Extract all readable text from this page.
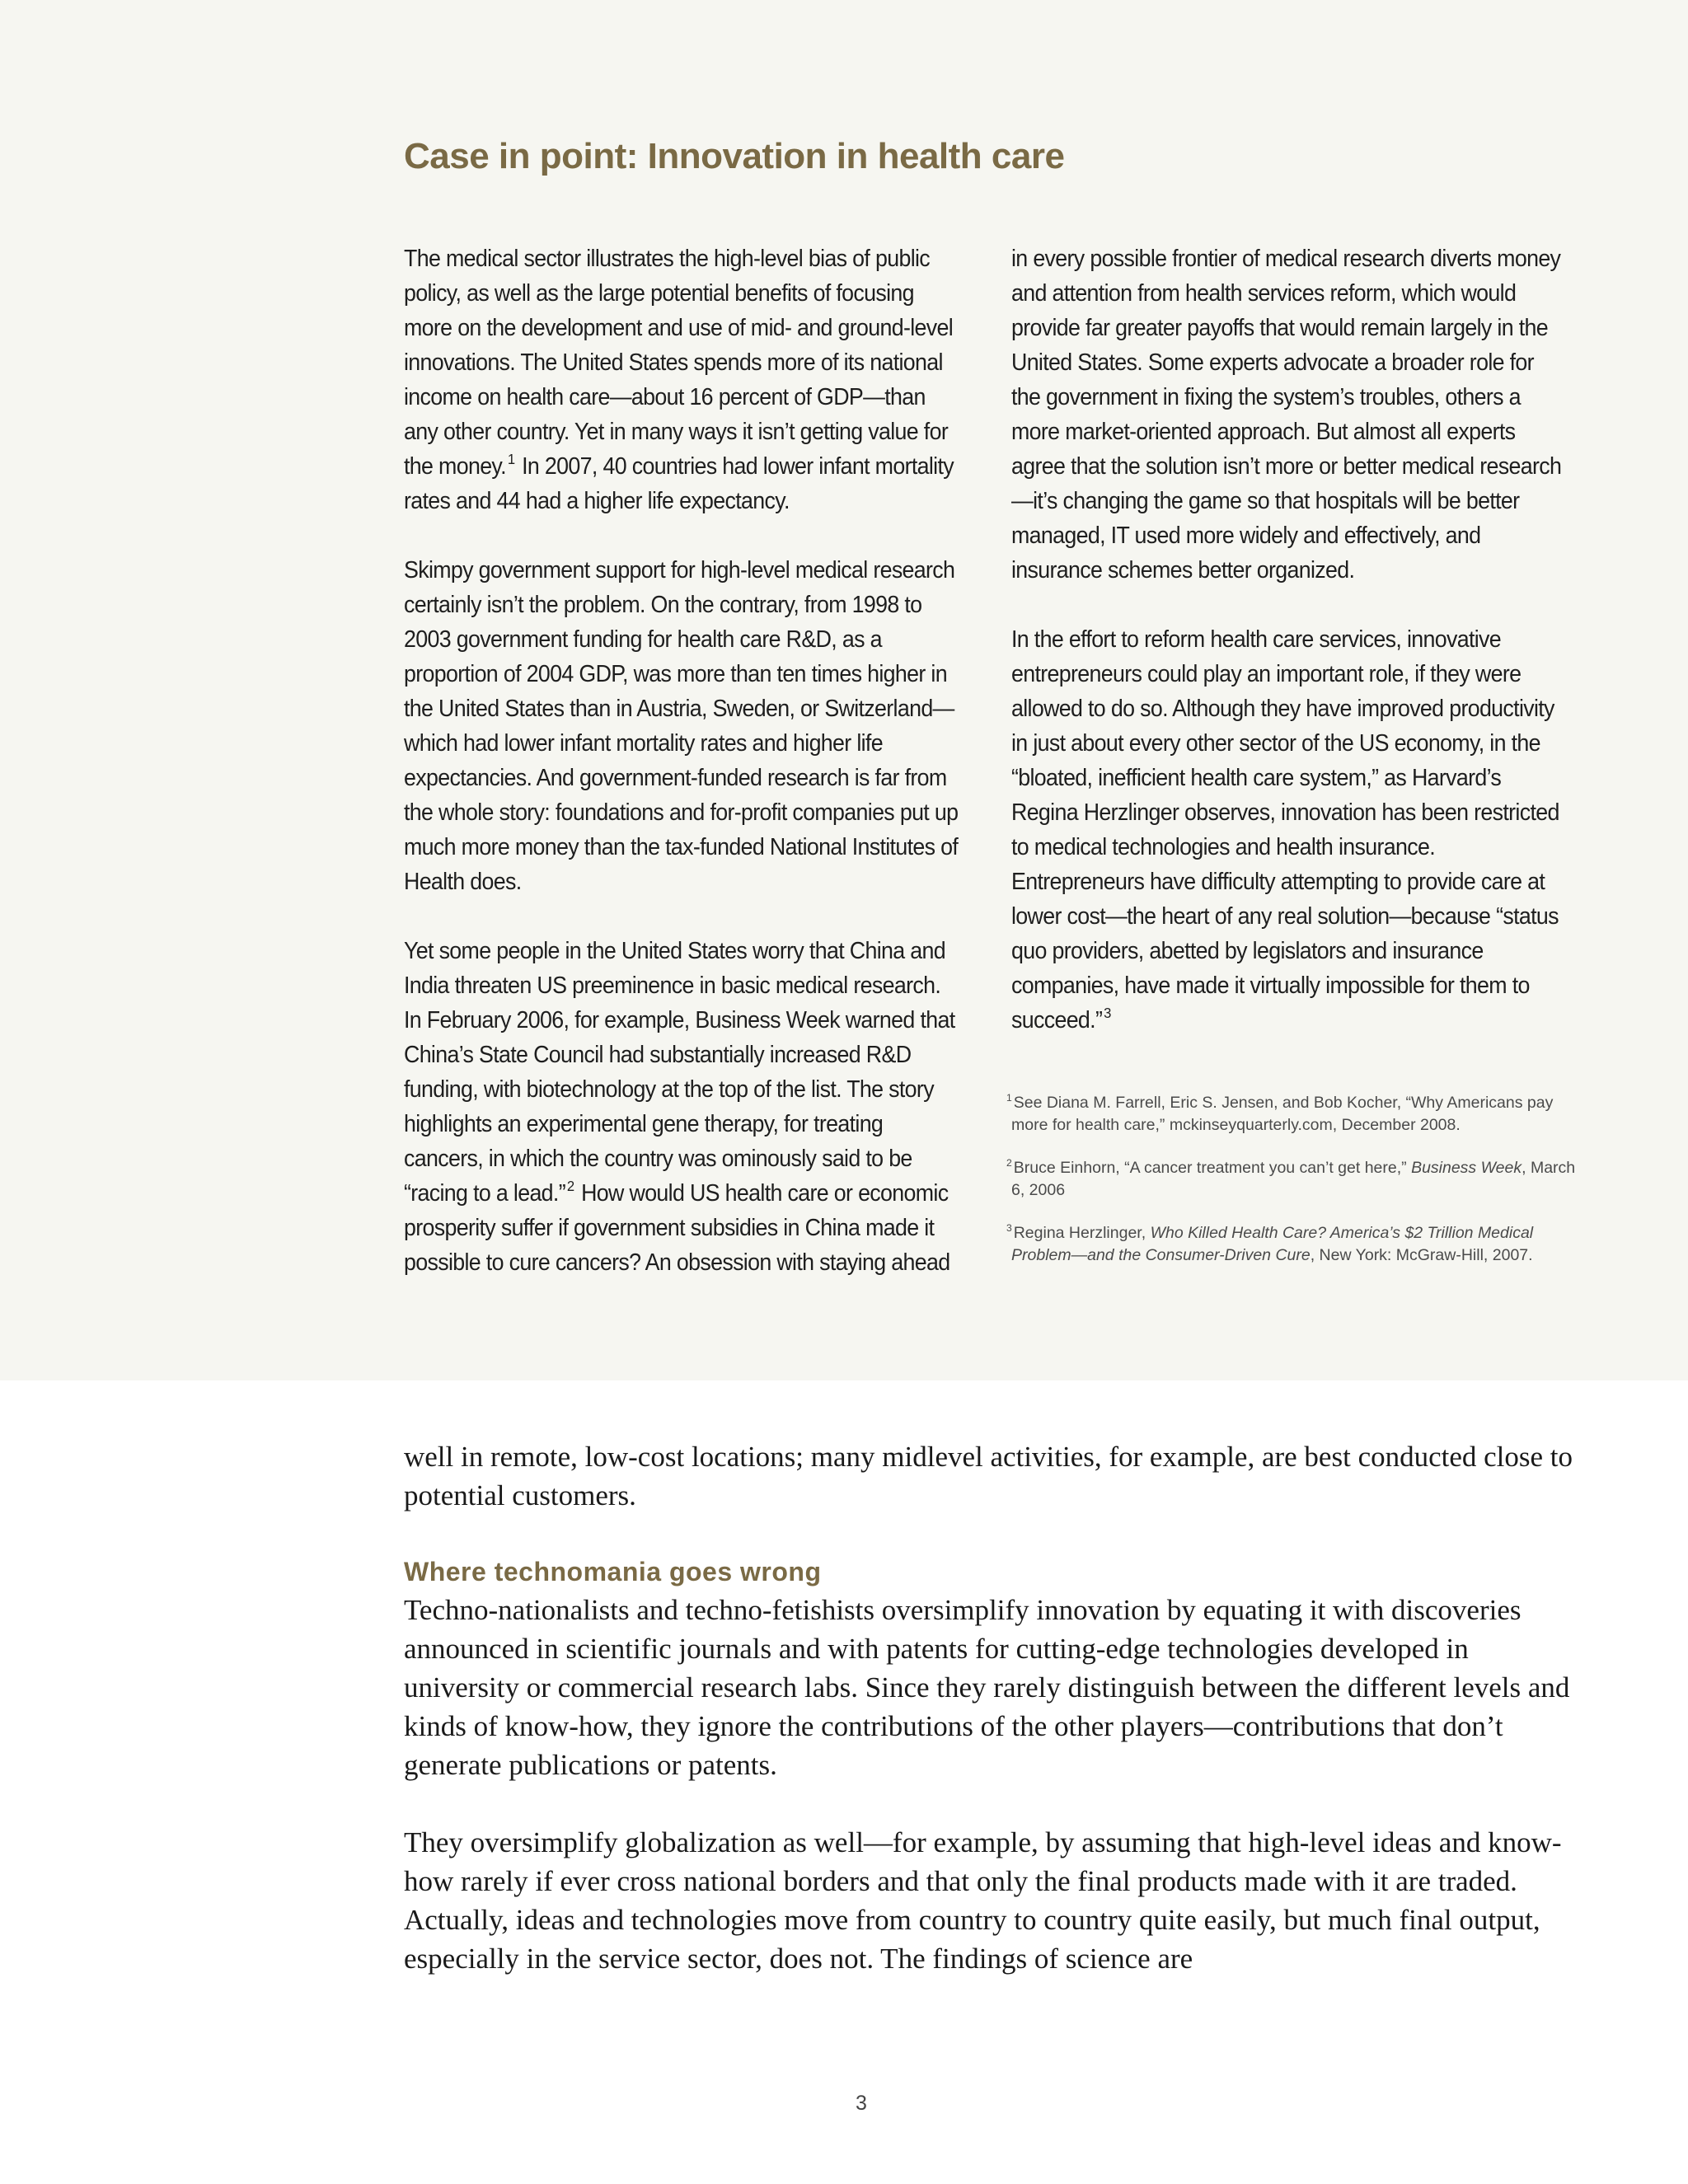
Case in point: Innovation in health care

The medical sector illustrates the high-level bias of public policy, as well as the large potential benefits of focusing more on the development and use of mid- and ground-level innovations. The United States spends more of its national income on health care—about 16 percent of GDP—than any other country. Yet in many ways it isn’t getting value for the money. $^1$ In 2007, 40 countries had lower infant mortality rates and 44 had a higher life expectancy.

Skimpy government support for high-level medical research certainly isn’t the problem. On the contrary, from 1998 to 2003 government funding for health care R&D, as a proportion of 2004 GDP, was more than ten times higher in the United States than in Austria, Sweden, or Switzerland—which had lower infant mortality rates and higher life expectancies. And government-funded research is far from the whole story: foundations and for-profit companies put up much more money than the tax-funded National Institutes of Health does.

Yet some people in the United States worry that China and India threaten US preeminence in basic medical research. In February 2006, for example, Business Week warned that China’s State Council had substantially increased R&D funding, with biotechnology at the top of the list. The story highlights an experimental gene therapy, for treating cancers, in which the country was ominously said to be “racing to a lead.” $^2$ How would US health care or economic prosperity suffer if government subsidies in China made it possible to cure cancers? An obsession with staying ahead

in every possible frontier of medical research diverts money and attention from health services reform, which would provide far greater payoffs that would remain largely in the United States. Some experts advocate a broader role for the government in fixing the system’s troubles, others a more market-oriented approach. But almost all experts agree that the solution isn’t more or better medical research—it’s changing the game so that hospitals will be better managed, IT used more widely and effectively, and insurance schemes better organized.

In the effort to reform health care services, innovative entrepreneurs could play an important role, if they were allowed to do so. Although they have improved productivity in just about every other sector of the US economy, in the “bloated, inefficient health care system,” as Harvard’s Regina Herzlinger observes, innovation has been restricted to medical technologies and health insurance. Entrepreneurs have difficulty attempting to provide care at lower cost—the heart of any real solution—because “status quo providers, abetted by legislators and insurance companies, have made it virtually impossible for them to succeed.” $^3$

$^1$ See Diana M. Farrell, Eric S. Jensen, and Bob Kocher, “Why Americans pay more for health care,” mckinseyquarterly.com, December 2008.
$^2$ Bruce Einhorn, “A cancer treatment you can’t get here,” Business Week, March 6, 2006
$^3$ Regina Herzlinger, Who Killed Health Care? America’s $2 Trillion Medical Problem—and the Consumer-Driven Cure, New York: McGraw-Hill, 2007.

well in remote, low-cost locations; many midlevel activities, for example, are best conducted close to potential customers.

Where technomania goes wrong

Techno-nationalists and techno-fetishists oversimplify innovation by equating it with discoveries announced in scientific journals and with patents for cutting-edge technologies developed in university or commercial research labs. Since they rarely distinguish between the different levels and kinds of know-how, they ignore the contributions of the other players—contributions that don’t generate publications or patents.

They oversimplify globalization as well—for example, by assuming that high-level ideas and know-how rarely if ever cross national borders and that only the final products made with it are traded. Actually, ideas and technologies move from country to country quite easily, but much final output, especially in the service sector, does not. The findings of science are

3
